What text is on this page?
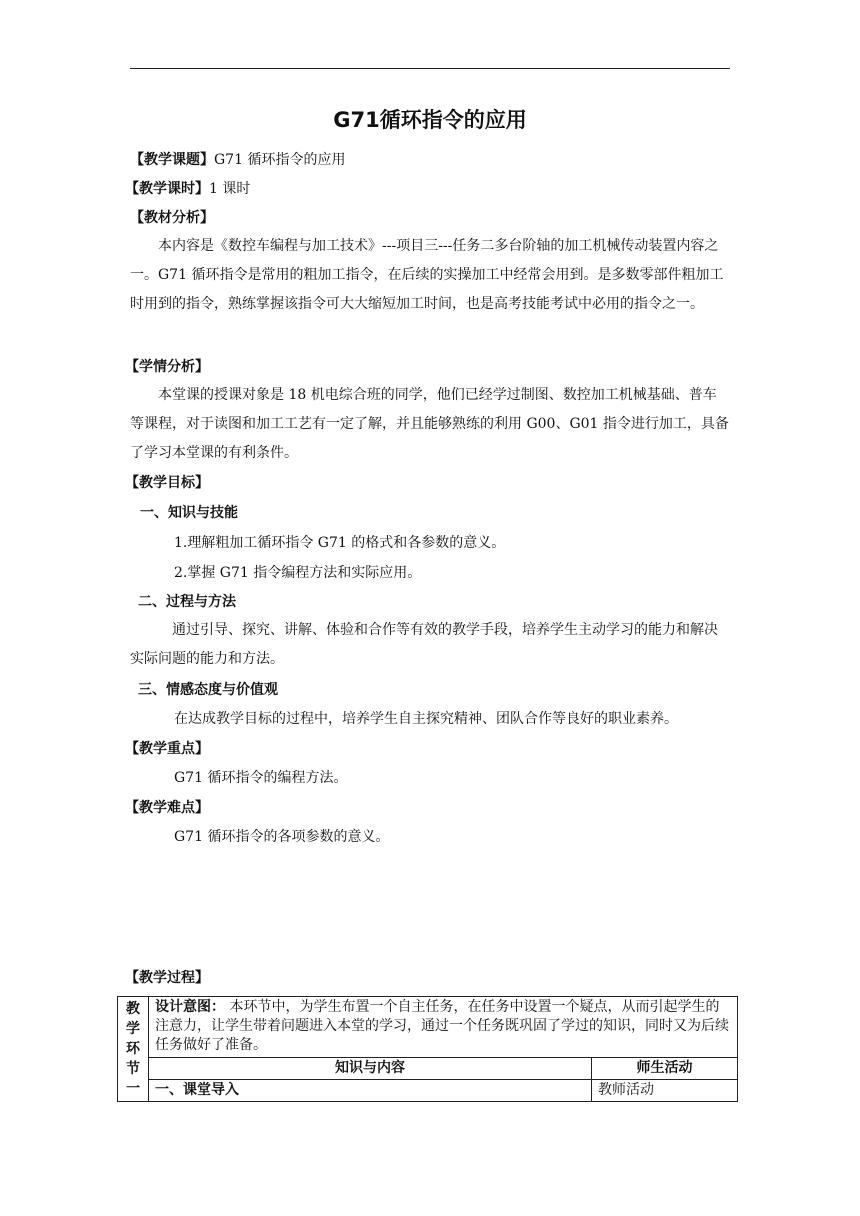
G71循环指令的应用
【教学课题】G71 循环指令的应用
【教学课时】1 课时
【教材分析】
本内容是《数控车编程与加工技术》---项目三---任务二多台阶轴的加工机械传动装置内容之一。G71 循环指令是常用的粗加工指令，在后续的实操加工中经常会用到。是多数零部件粗加工时用到的指令，熟练掌握该指令可大大缩短加工时间，也是高考技能考试中必用的指令之一。
【学情分析】
本堂课的授课对象是 18 机电综合班的同学，他们已经学过制图、数控加工机械基础、普车等课程，对于读图和加工工艺有一定了解，并且能够熟练的利用 G00、G01 指令进行加工，具备了学习本堂课的有利条件。
【教学目标】
一、知识与技能
1.理解粗加工循环指令 G71 的格式和各参数的意义。
2.掌握 G71 指令编程方法和实际应用。
二、过程与方法
通过引导、探究、讲解、体验和合作等有效的教学手段，培养学生主动学习的能力和解决实际问题的能力和方法。
三、情感态度与价值观
在达成教学目标的过程中，培养学生自主探究精神、团队合作等良好的职业素养。
【教学重点】
G71 循环指令的编程方法。
【教学难点】
G71 循环指令的各项参数的意义。
【教学过程】
教
学
环
节
一	设计意图： 本环节中，为学生布置一个自主任务，在任务中设置一个疑点，从而引起学生的注意力，让学生带着问题进入本堂的学习，通过一个任务既巩固了学过的知识，同时又为后续任务做好了准备。	
	知识与内容	师生活动
	一、课堂导入	教师活动
